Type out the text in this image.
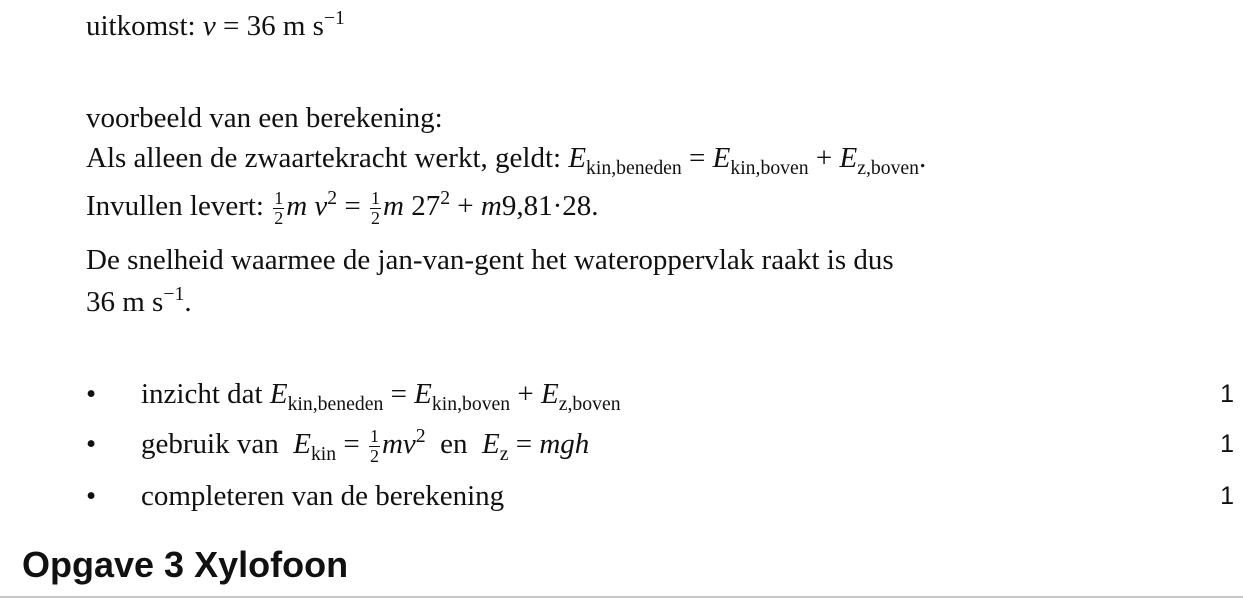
uitkomst: v = 36 m $s^{-1}$
voorbeeld van een berekening:
Als alleen de zwaartekracht werkt, geldt: $E_{kin,beneden} = E_{kin,boven} + E_{z,boven}$.
Invullen levert: $\frac{1}{2}$ m $v^2 = \frac{1}{2}$ m $27^2 + m9,81\cdot 28$.
De snelheid waarmee de jan-van-gent het wateroppervlak raakt is dus
36 m $s^{-1}$.
• inzicht dat $E_{kin,beneden} = E_{kin,boven} + E_{z,boven}$	1
• gebruik van $E_{kin} = \frac{1}{2} mv^2$ en $E_z$ = mgh	1
• completeren van de berekening	1
Opgave 3 Xylofoon
